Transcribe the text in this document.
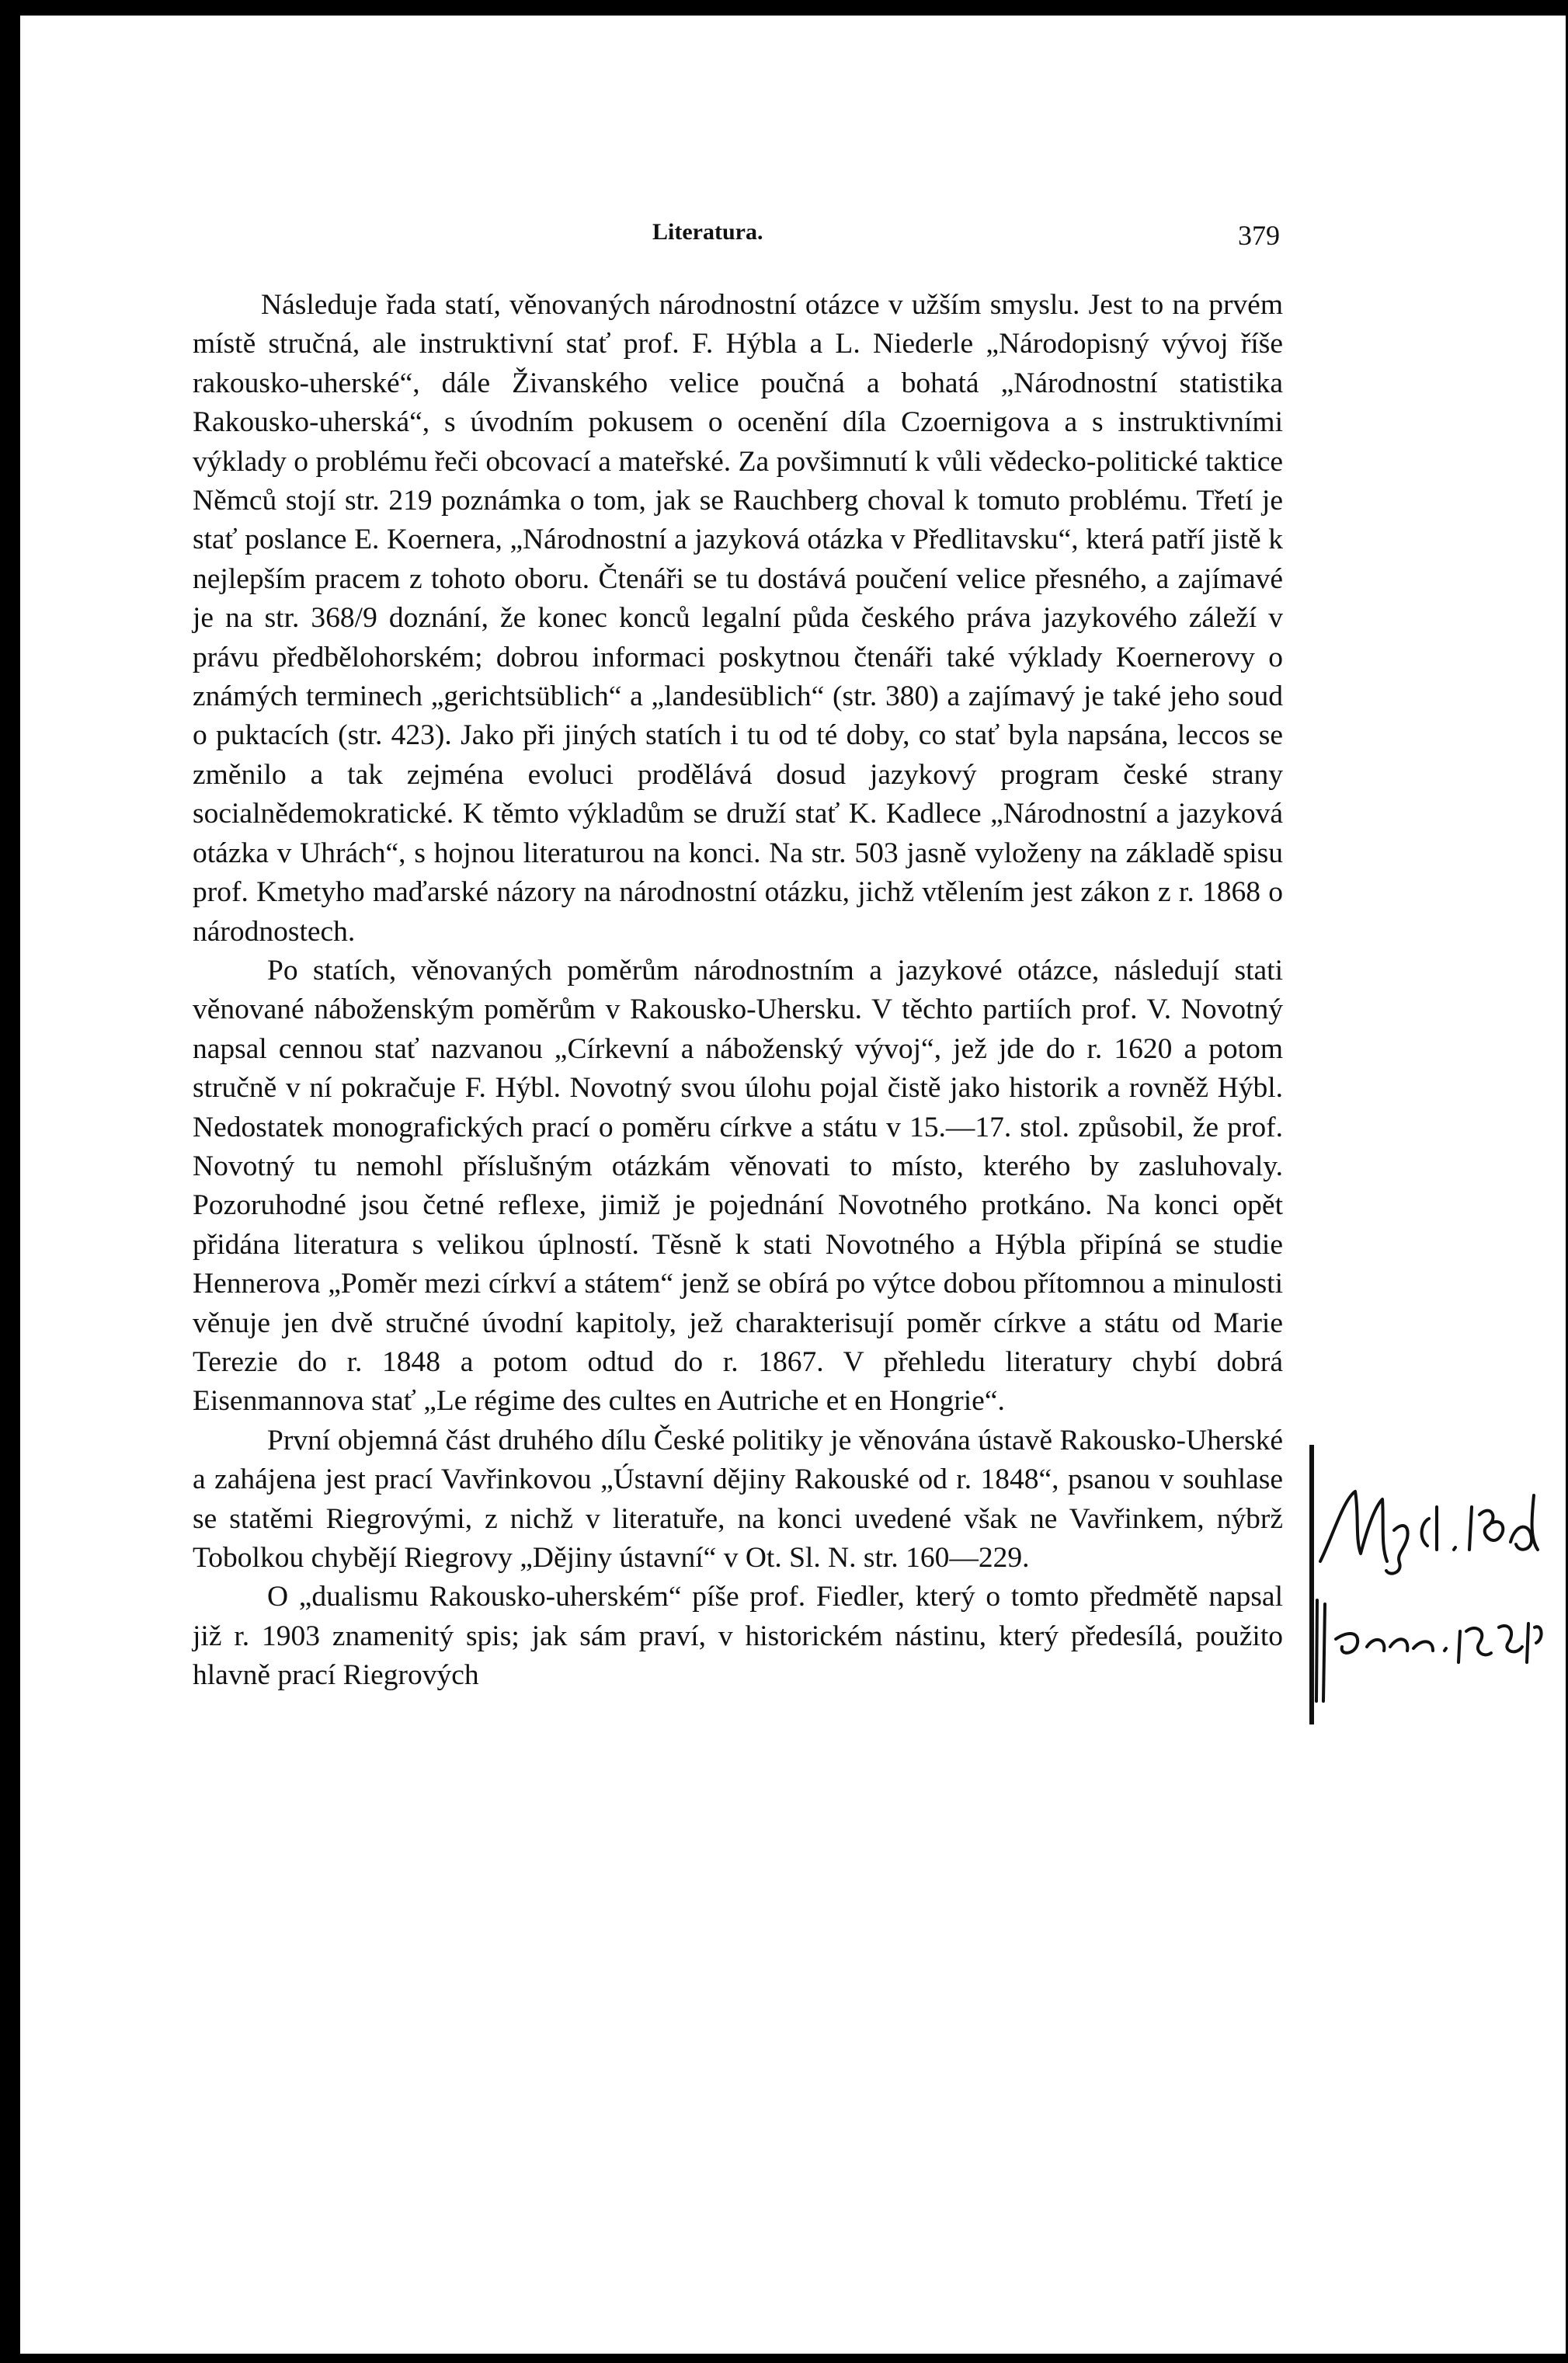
Literatura.	379

Následuje řada statí, věnovaných národnostní otázce v užším smyslu. Jest to na prvém místě stručná, ale instruktivní stať prof. F. Hýbla a L. Niederle „Národopisný vývoj říše rakousko-uherské“, dále Živanského velice poučná a bohatá „Národnostní statistika Rakousko-uherská“, s úvodním pokusem o ocenění díla Czoernigova a s instruktivními výklady o problému řeči obcovací a mateřské. Za povšimnutí k vůli vědecko-politické taktice Němců stojí str. 219 poznámka o tom, jak se Rauchberg choval k tomuto problému. Třetí je stať poslance E. Koernera, „Národnostní a jazyková otázka v Předlitavsku“, která patří jistě k nejlepším pracem z tohoto oboru. Čtenáři se tu dostává poučení velice přesného, a zajímavé je na str. 368/9 doznání, že konec konců legalní půda českého práva jazykového záleží v právu předbělohorském; dobrou informaci poskytnou čtenáři také výklady Koernerovy o známých terminech „gerichtsüblich“ a „landesüblich“ (str. 380) a zajímavý je také jeho soud o puktacích (str. 423). Jako při jiných statích i tu od té doby, co stať byla napsána, leccos se změnilo a tak zejména evoluci prodělává dosud jazykový program české strany socialnědemokratické. K těmto výkladům se druží stať K. Kadlece „Národnostní a jazyková otázka v Uhrách“, s hojnou literaturou na konci. Na str. 503 jasně vyloženy na základě spisu prof. Kmetyho maďarské názory na národnostní otázku, jichž vtělením jest zákon z r. 1868 o národnostech.

Po statích, věnovaných poměrům národnostním a jazykové otázce, následují stati věnované náboženským poměrům v Rakousko-Uhersku. V těchto partiích prof. V. Novotný napsal cennou stať nazvanou „Církevní a náboženský vývoj“, jež jde do r. 1620 a potom stručně v ní pokračuje F. Hýbl. Novotný svou úlohu pojal čistě jako historik a rovněž Hýbl. Nedostatek monografických prací o poměru církve a státu v 15.—17. stol. způsobil, že prof. Novotný tu nemohl příslušným otázkám věnovati to místo, kterého by zasluhovaly. Pozoruhodné jsou četné reflexe, jimiž je pojednání Novotného protkáno. Na konci opět přidána literatura s velikou úplností. Těsně k stati Novotného a Hýbla připíná se studie Hennerova „Poměr mezi církví a státem“ jenž se obírá po výtce dobou přítomnou a minulosti věnuje jen dvě stručné úvodní kapitoly, jež charakterisují poměr církve a státu od Marie Terezie do r. 1848 a potom odtud do r. 1867. V přehledu literatury chybí dobrá Eisenmannova stať „Le régime des cultes en Autriche et en Hongrie“.

První objemná část druhého dílu České politiky je věnována ústavě Rakousko-Uherské a zahájena jest prací Vavřinkovou „Ústavní dějiny Rakouské od r. 1848“, psanou v souhlase se statěmi Riegrovými, z nichž v literatuře, na konci uvedené však ne Vavřinkem, nýbrž Tobolkou chybějí Riegrovy „Dějiny ústavní“ v Ot. Sl. N. str. 160—229.

O „dualismu Rakousko-uherském“ píše prof. Fiedler, který o tomto předmětě napsal již r. 1903 znamenitý spis; jak sám praví, v historickém nástinu, který předesílá, použito hlavně prací Riegrových
